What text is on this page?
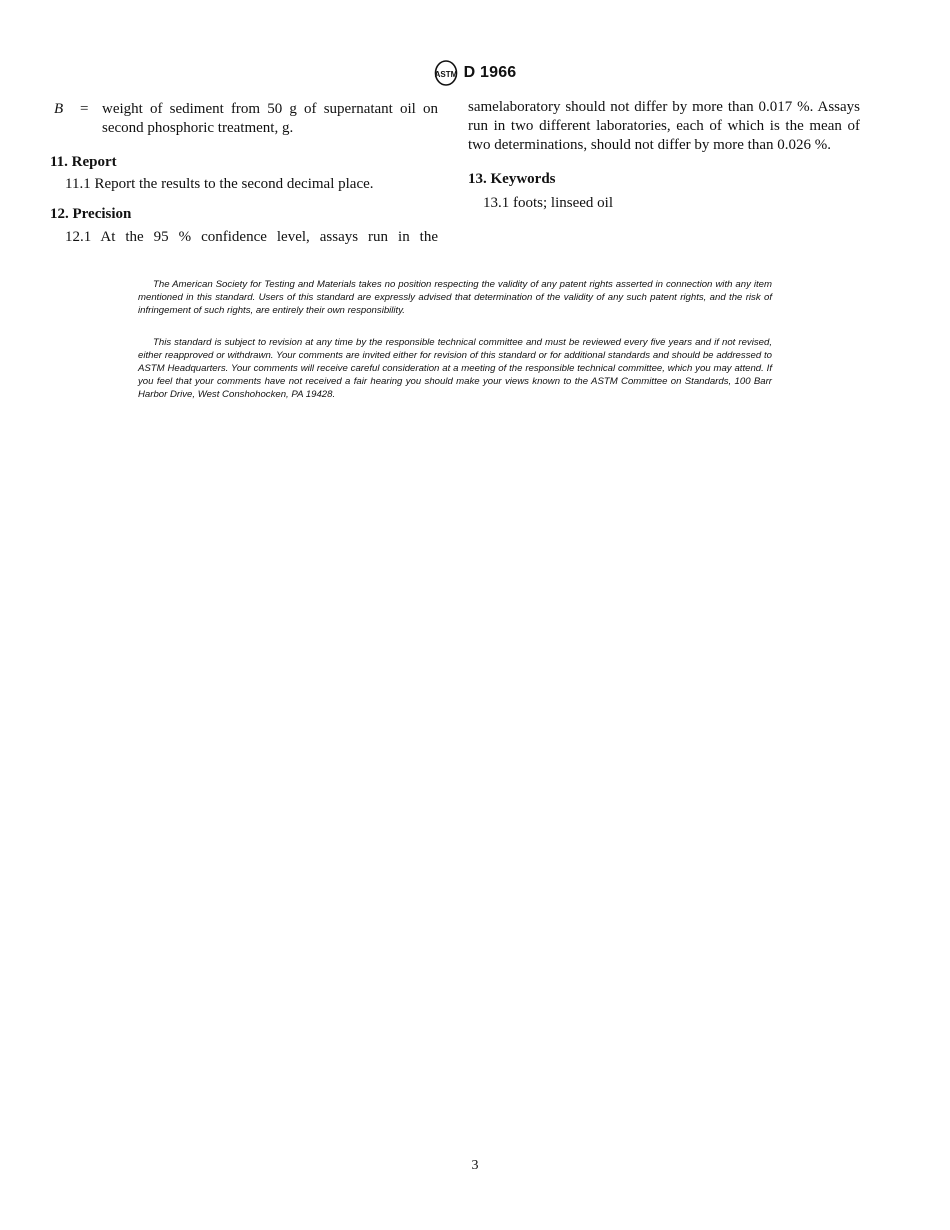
ASTM D 1966
B	= weight of sediment from 50 g of supernatant oil on second phosphoric treatment, g.

11. Report

11.1 Report the results to the second decimal place.

12. Precision

12.1 At the 95 % confidence level, assays run in the

samelaboratory should not differ by more than 0.017 %. Assays run in two different laboratories, each of which is the mean of two determinations, should not differ by more than 0.026 %.

13. Keywords

13.1 foots; linseed oil

The American Society for Testing and Materials takes no position respecting the validity of any patent rights asserted in connection with any item mentioned in this standard. Users of this standard are expressly advised that determination of the validity of any such patent rights, and the risk of infringement of such rights, are entirely their own responsibility.

This standard is subject to revision at any time by the responsible technical committee and must be reviewed every five years and if not revised, either reapproved or withdrawn. Your comments are invited either for revision of this standard or for additional standards and should be addressed to ASTM Headquarters. Your comments will receive careful consideration at a meeting of the responsible technical committee, which you may attend. If you feel that your comments have not received a fair hearing you should make your views known to the ASTM Committee on Standards, 100 Barr Harbor Drive, West Conshohocken, PA 19428.

3
